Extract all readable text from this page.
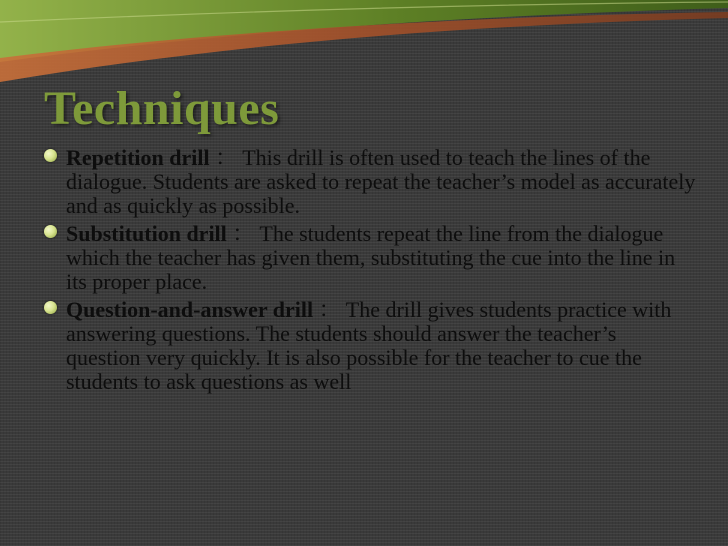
Techniques
Repetition drill ： This drill is often used to teach the lines of the dialogue. Students are asked to repeat the teacher’s model as accurately and as quickly as possible.
Substitution drill ： The students repeat the line from the dialogue which the teacher has given them, substituting the cue into the line in its proper place.
Question-and-answer drill ： The drill gives students practice with answering questions. The students should answer the teacher’s question very quickly. It is also possible for the teacher to cue the students to ask questions as well
